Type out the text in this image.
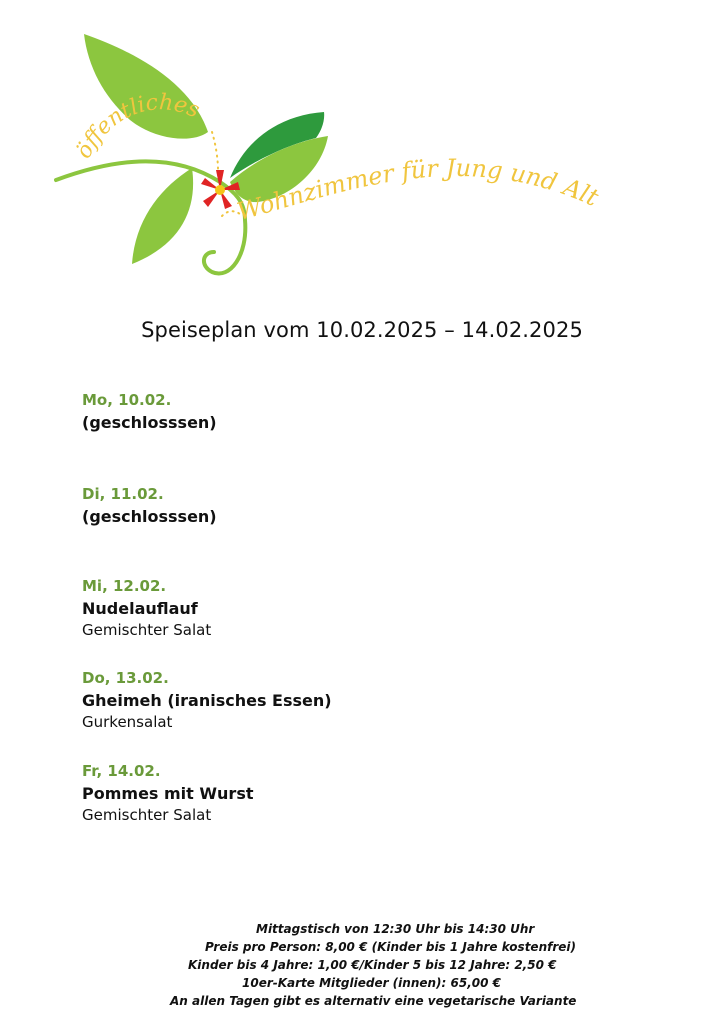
öffentliches
Wohnzimmer für Jung und Alt
Speiseplan vom 10.02.2025 – 14.02.2025
Mo, 10.02.
(geschlosssen)
Di, 11.02.
(geschlosssen)
Mi, 12.02.
Nudelauflauf
Gemischter Salat
Do, 13.02.
Gheimeh (iranisches Essen)
Gurkensalat
Fr, 14.02.
Pommes mit Wurst
Gemischter Salat
Mittagstisch von 12:30 Uhr bis 14:30 Uhr
Preis pro Person: 8,00 € (Kinder bis 1 Jahre kostenfrei)
Kinder bis 4 Jahre: 1,00 €/Kinder 5 bis 12 Jahre: 2,50 €
10er-Karte Mitglieder (innen): 65,00 €
An allen Tagen gibt es alternativ eine vegetarische Variante
